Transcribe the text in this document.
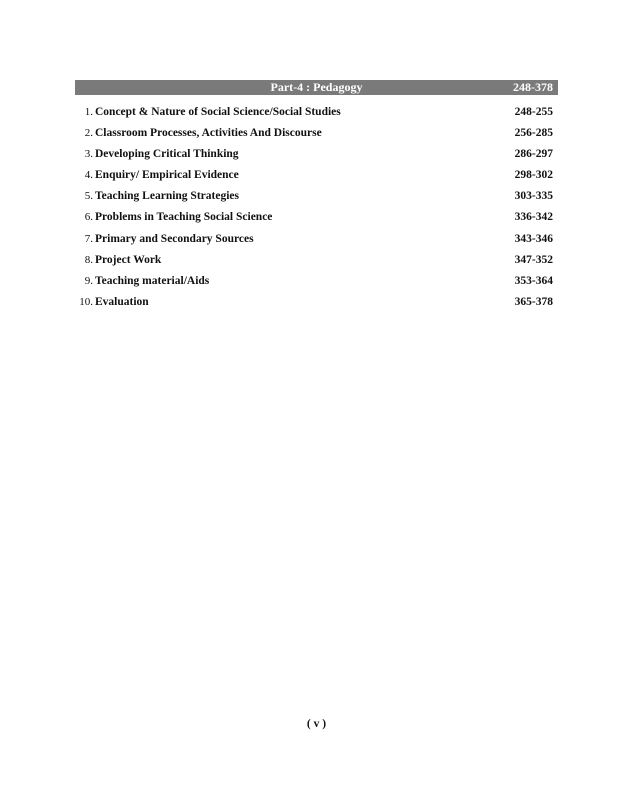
Part-4 : Pedagogy	248-378
1. Concept & Nature of Social Science/Social Studies	248-255
2. Classroom Processes, Activities And Discourse	256-285
3. Developing Critical Thinking	286-297
4. Enquiry/ Empirical Evidence	298-302
5. Teaching Learning Strategies	303-335
6. Problems in Teaching Social Science	336-342
7. Primary and Secondary Sources	343-346
8. Project Work	347-352
9. Teaching material/Aids	353-364
10. Evaluation	365-378
( v )
